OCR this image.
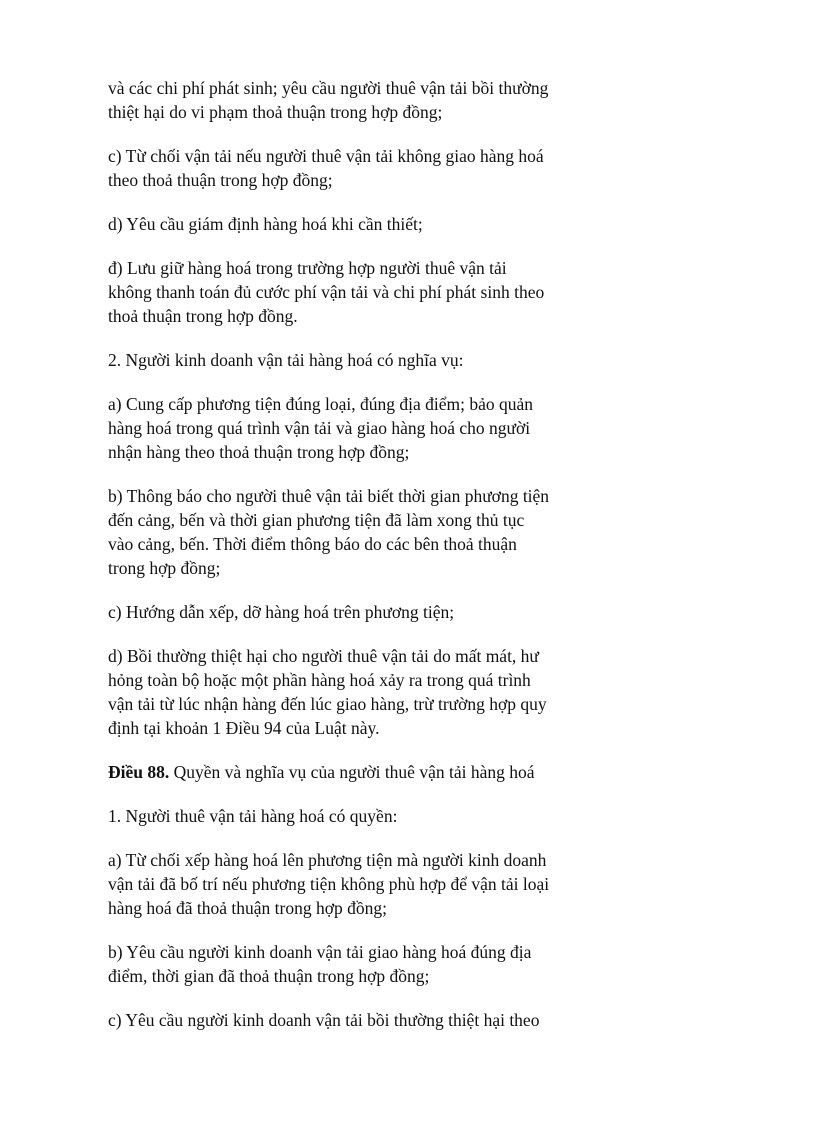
và các chi phí phát sinh; yêu cầu người thuê vận tải bồi thường
thiệt hại do vi phạm thoả thuận trong hợp đồng;

c) Từ chối vận tải nếu người thuê vận tải không giao hàng hoá
theo thoả thuận trong hợp đồng;

d) Yêu cầu giám định hàng hoá khi cần thiết;

đ) Lưu giữ hàng hoá trong trường hợp người thuê vận tải
không thanh toán đủ cước phí vận tải và chi phí phát sinh theo
thoả thuận trong hợp đồng.

2. Người kinh doanh vận tải hàng hoá có nghĩa vụ:

a) Cung cấp phương tiện đúng loại, đúng địa điểm; bảo quản
hàng hoá trong quá trình vận tải và giao hàng hoá cho người
nhận hàng theo thoả thuận trong hợp đồng;

b) Thông báo cho người thuê vận tải biết thời gian phương tiện
đến cảng, bến và thời gian phương tiện đã làm xong thủ tục
vào cảng, bến. Thời điểm thông báo do các bên thoả thuận
trong hợp đồng;

c) Hướng dẫn xếp, dỡ hàng hoá trên phương tiện;

d) Bồi thường thiệt hại cho người thuê vận tải do mất mát, hư
hỏng toàn bộ hoặc một phần hàng hoá xảy ra trong quá trình
vận tải từ lúc nhận hàng đến lúc giao hàng, trừ trường hợp quy
định tại khoản 1 Điều 94 của Luật này.

Điều 88. Quyền và nghĩa vụ của người thuê vận tải hàng hoá

1. Người thuê vận tải hàng hoá có quyền:

a) Từ chối xếp hàng hoá lên phương tiện mà người kinh doanh
vận tải đã bố trí nếu phương tiện không phù hợp để vận tải loại
hàng hoá đã thoả thuận trong hợp đồng;

b) Yêu cầu người kinh doanh vận tải giao hàng hoá đúng địa
điểm, thời gian đã thoả thuận trong hợp đồng;

c) Yêu cầu người kinh doanh vận tải bồi thường thiệt hại theo
